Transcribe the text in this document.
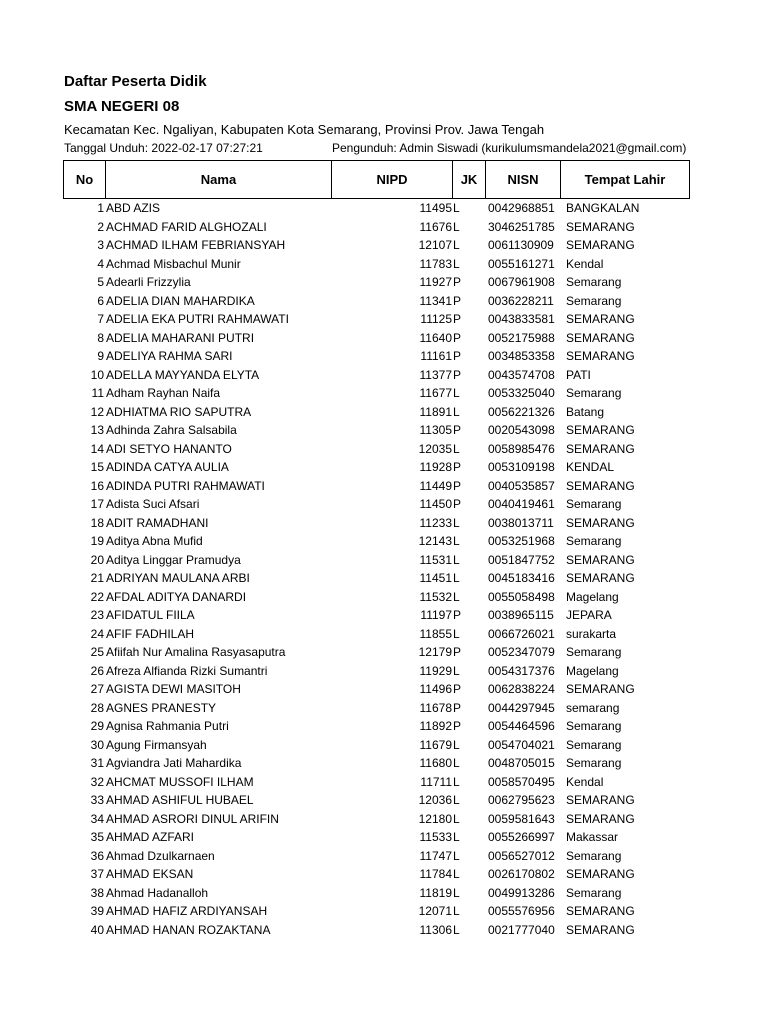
Daftar Peserta Didik
SMA NEGERI 08
Kecamatan Kec. Ngaliyan, Kabupaten Kota Semarang, Provinsi Prov. Jawa Tengah
Tanggal Unduh: 2022-02-17 07:27:21	Pengunduh: Admin Siswadi (kurikulumsmandela2021@gmail.com)
No	Nama	NIPD	JK	NISN	Tempat Lahir
1 ABD AZIS	11495 L	0042968851 BANGKALAN
2 ACHMAD FARID ALGHOZALI	11676 L	3046251785 SEMARANG
3 ACHMAD ILHAM FEBRIANSYAH	12107 L	0061130909	SEMARANG
4 Achmad Misbachul Munir	11783 L	0055161271 Kendal
5 Adearli Frizzylia	11927 P	0067961908 Semarang
6 ADELIA DIAN MAHARDIKA	11341 P	0036228211	Semarang
7 ADELIA EKA PUTRI RAHMAWATI	11125 P	0043833581 SEMARANG
8 ADELIA MAHARANI PUTRI	11640 P	0052175988 SEMARANG
9 ADELIYA RAHMA SARI	11161 P	0034853358 SEMARANG
10 ADELLA MAYYANDA ELYTA	11377 P	0043574708 PATI
11 Adham Rayhan Naifa	11677 L	0053325040 Semarang
12 ADHIATMA RIO SAPUTRA	11891 L	0056221326 Batang
13 Adhinda Zahra Salsabila	11305 P	0020543098 SEMARANG
14 ADI SETYO HANANTO	12035 L	0058985476 SEMARANG
15 ADINDA CATYA AULIA	11928 P	0053109198 KENDAL
16 ADINDA PUTRI RAHMAWATI	11449 P	0040535857 SEMARANG
17 Adista Suci Afsari	11450 P	0040419461 Semarang
18 ADIT RAMADHANI	11233 L	0038013711	SEMARANG
19 Aditya Abna Mufid	12143 L	0053251968 Semarang
20 Aditya Linggar Pramudya	11531 L	0051847752 SEMARANG
21 ADRIYAN MAULANA ARBI	11451 L	0045183416 SEMARANG
22 AFDAL ADITYA DANARDI	11532 L	0055058498 Magelang
23 AFIDATUL FIILA	11197 P	0038965115	JEPARA
24 AFIF FADHILAH	11855 L	0066726021 surakarta
25 Afiifah Nur Amalina Rasyasaputra	12179 P	0052347079 Semarang
26 Afreza Alfianda Rizki Sumantri	11929 L	0054317376 Magelang
27 AGISTA DEWI MASITOH	11496 P	0062838224 SEMARANG
28 AGNES PRANESTY	11678 P	0044297945 semarang
29 Agnisa Rahmania Putri	11892 P	0054464596 Semarang
30 Agung Firmansyah	11679 L	0054704021 Semarang
31 Agviandra Jati Mahardika	11680 L	0048705015 Semarang
32 AHCMAT MUSSOFI ILHAM	11711 L	0058570495 Kendal
33 AHMAD ASHIFUL HUBAEL	12036 L	0062795623 SEMARANG
34 AHMAD ASRORI DINUL ARIFIN	12180 L	0059581643 SEMARANG
35 AHMAD AZFARI	11533 L	0055266997 Makassar
36 Ahmad Dzulkarnaen	11747 L	0056527012 Semarang
37 AHMAD EKSAN	11784 L	0026170802 SEMARANG
38 Ahmad Hadanalloh	11819 L	0049913286 Semarang
39 AHMAD HAFIZ ARDIYANSAH	12071 L	0055576956 SEMARANG
40 AHMAD HANAN ROZAKTANA	11306 L	0021777040 SEMARANG
